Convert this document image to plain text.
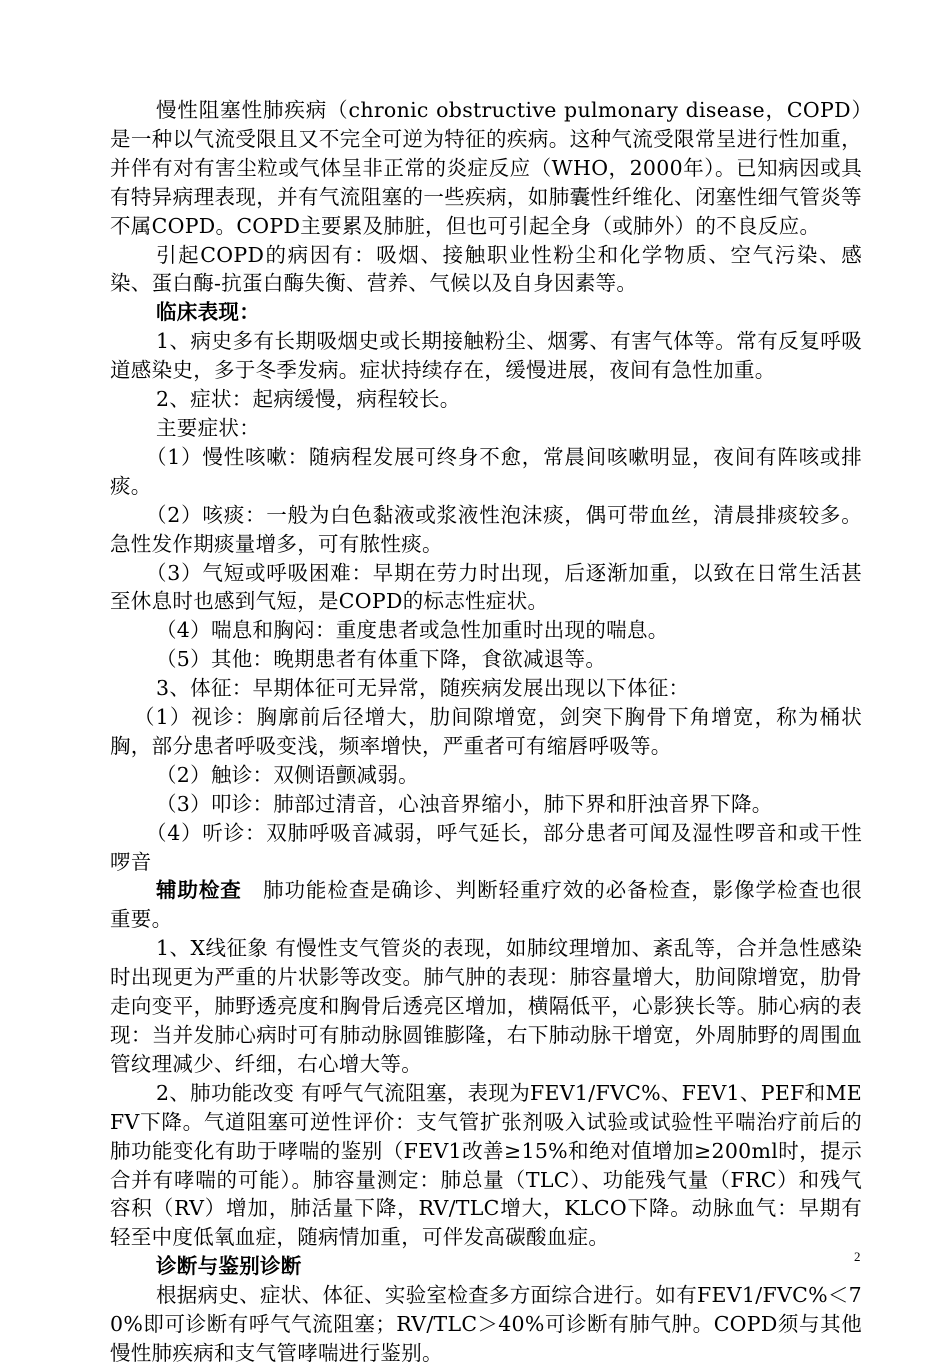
慢性阻塞性肺疾病（chronic obstructive pulmonary disease，COPD）是一种以气流受限且又不完全可逆为特征的疾病。这种气流受限常呈进行性加重，并伴有对有害尘粒或气体呈非正常的炎症反应（WHO，2000年）。已知病因或具有特异病理表现，并有气流阻塞的一些疾病，如肺囊性纤维化、闭塞性细气管炎等不属COPD。COPD主要累及肺脏，但也可引起全身（或肺外）的不良反应。

引起COPD的病因有：吸烟、接触职业性粉尘和化学物质、空气污染、感染、蛋白酶-抗蛋白酶失衡、营养、气候以及自身因素等。

临床表现：

1、病史多有长期吸烟史或长期接触粉尘、烟雾、有害气体等。常有反复呼吸道感染史，多于冬季发病。症状持续存在，缓慢进展，夜间有急性加重。

2、症状：起病缓慢，病程较长。

主要症状：

（1）慢性咳嗽：随病程发展可终身不愈，常晨间咳嗽明显，夜间有阵咳或排痰。

（2）咳痰：一般为白色黏液或浆液性泡沫痰，偶可带血丝，清晨排痰较多。急性发作期痰量增多，可有脓性痰。

（3）气短或呼吸困难：早期在劳力时出现，后逐渐加重，以致在日常生活甚至休息时也感到气短，是COPD的标志性症状。

（4）喘息和胸闷：重度患者或急性加重时出现的喘息。

（5）其他：晚期患者有体重下降，食欲减退等。

3、体征：早期体征可无异常，随疾病发展出现以下体征：

（1）视诊：胸廓前后径增大，肋间隙增宽，剑突下胸骨下角增宽，称为桶状胸，部分患者呼吸变浅，频率增快，严重者可有缩唇呼吸等。

（2）触诊：双侧语颤减弱。

（3）叩诊：肺部过清音，心浊音界缩小，肺下界和肝浊音界下降。

（4）听诊：双肺呼吸音减弱，呼气延长，部分患者可闻及湿性啰音和或干性啰音

辅助检查　 肺功能检查是确诊、判断轻重疗效的必备检查，影像学检查也很重要。

1、X线征象 有慢性支气管炎的表现，如肺纹理增加、紊乱等，合并急性感染时出现更为严重的片状影等改变。肺气肿的表现：肺容量增大，肋间隙增宽，肋骨走向变平，肺野透亮度和胸骨后透亮区增加，横隔低平，心影狭长等。肺心病的表现：当并发肺心病时可有肺动脉圆锥膨隆，右下肺动脉干增宽，外周肺野的周围血管纹理减少、纤细，右心增大等。

2、肺功能改变 有呼气气流阻塞，表现为FEV1/FVC%、FEV1、PEF和MEFV下降。气道阻塞可逆性评价：支气管扩张剂吸入试验或试验性平喘治疗前后的肺功能变化有助于哮喘的鉴别（FEV1改善≥15%和绝对值增加≥200ml时，提示合并有哮喘的可能）。肺容量测定：肺总量（TLC）、功能残气量（FRC）和残气容积（RV）增加，肺活量下降，RV/TLC增大，KLCO下降。动脉血气：早期有轻至中度低氧血症，随病情加重，可伴发高碳酸血症。

诊断与鉴别诊断

根据病史、症状、体征、实验室检查多方面综合进行。如有FEV1/FVC%＜70%即可诊断有呼气气流阻塞；RV/TLC＞40%可诊断有肺气肿。COPD须与其他慢性肺疾病和支气管哮喘进行鉴别。

2
